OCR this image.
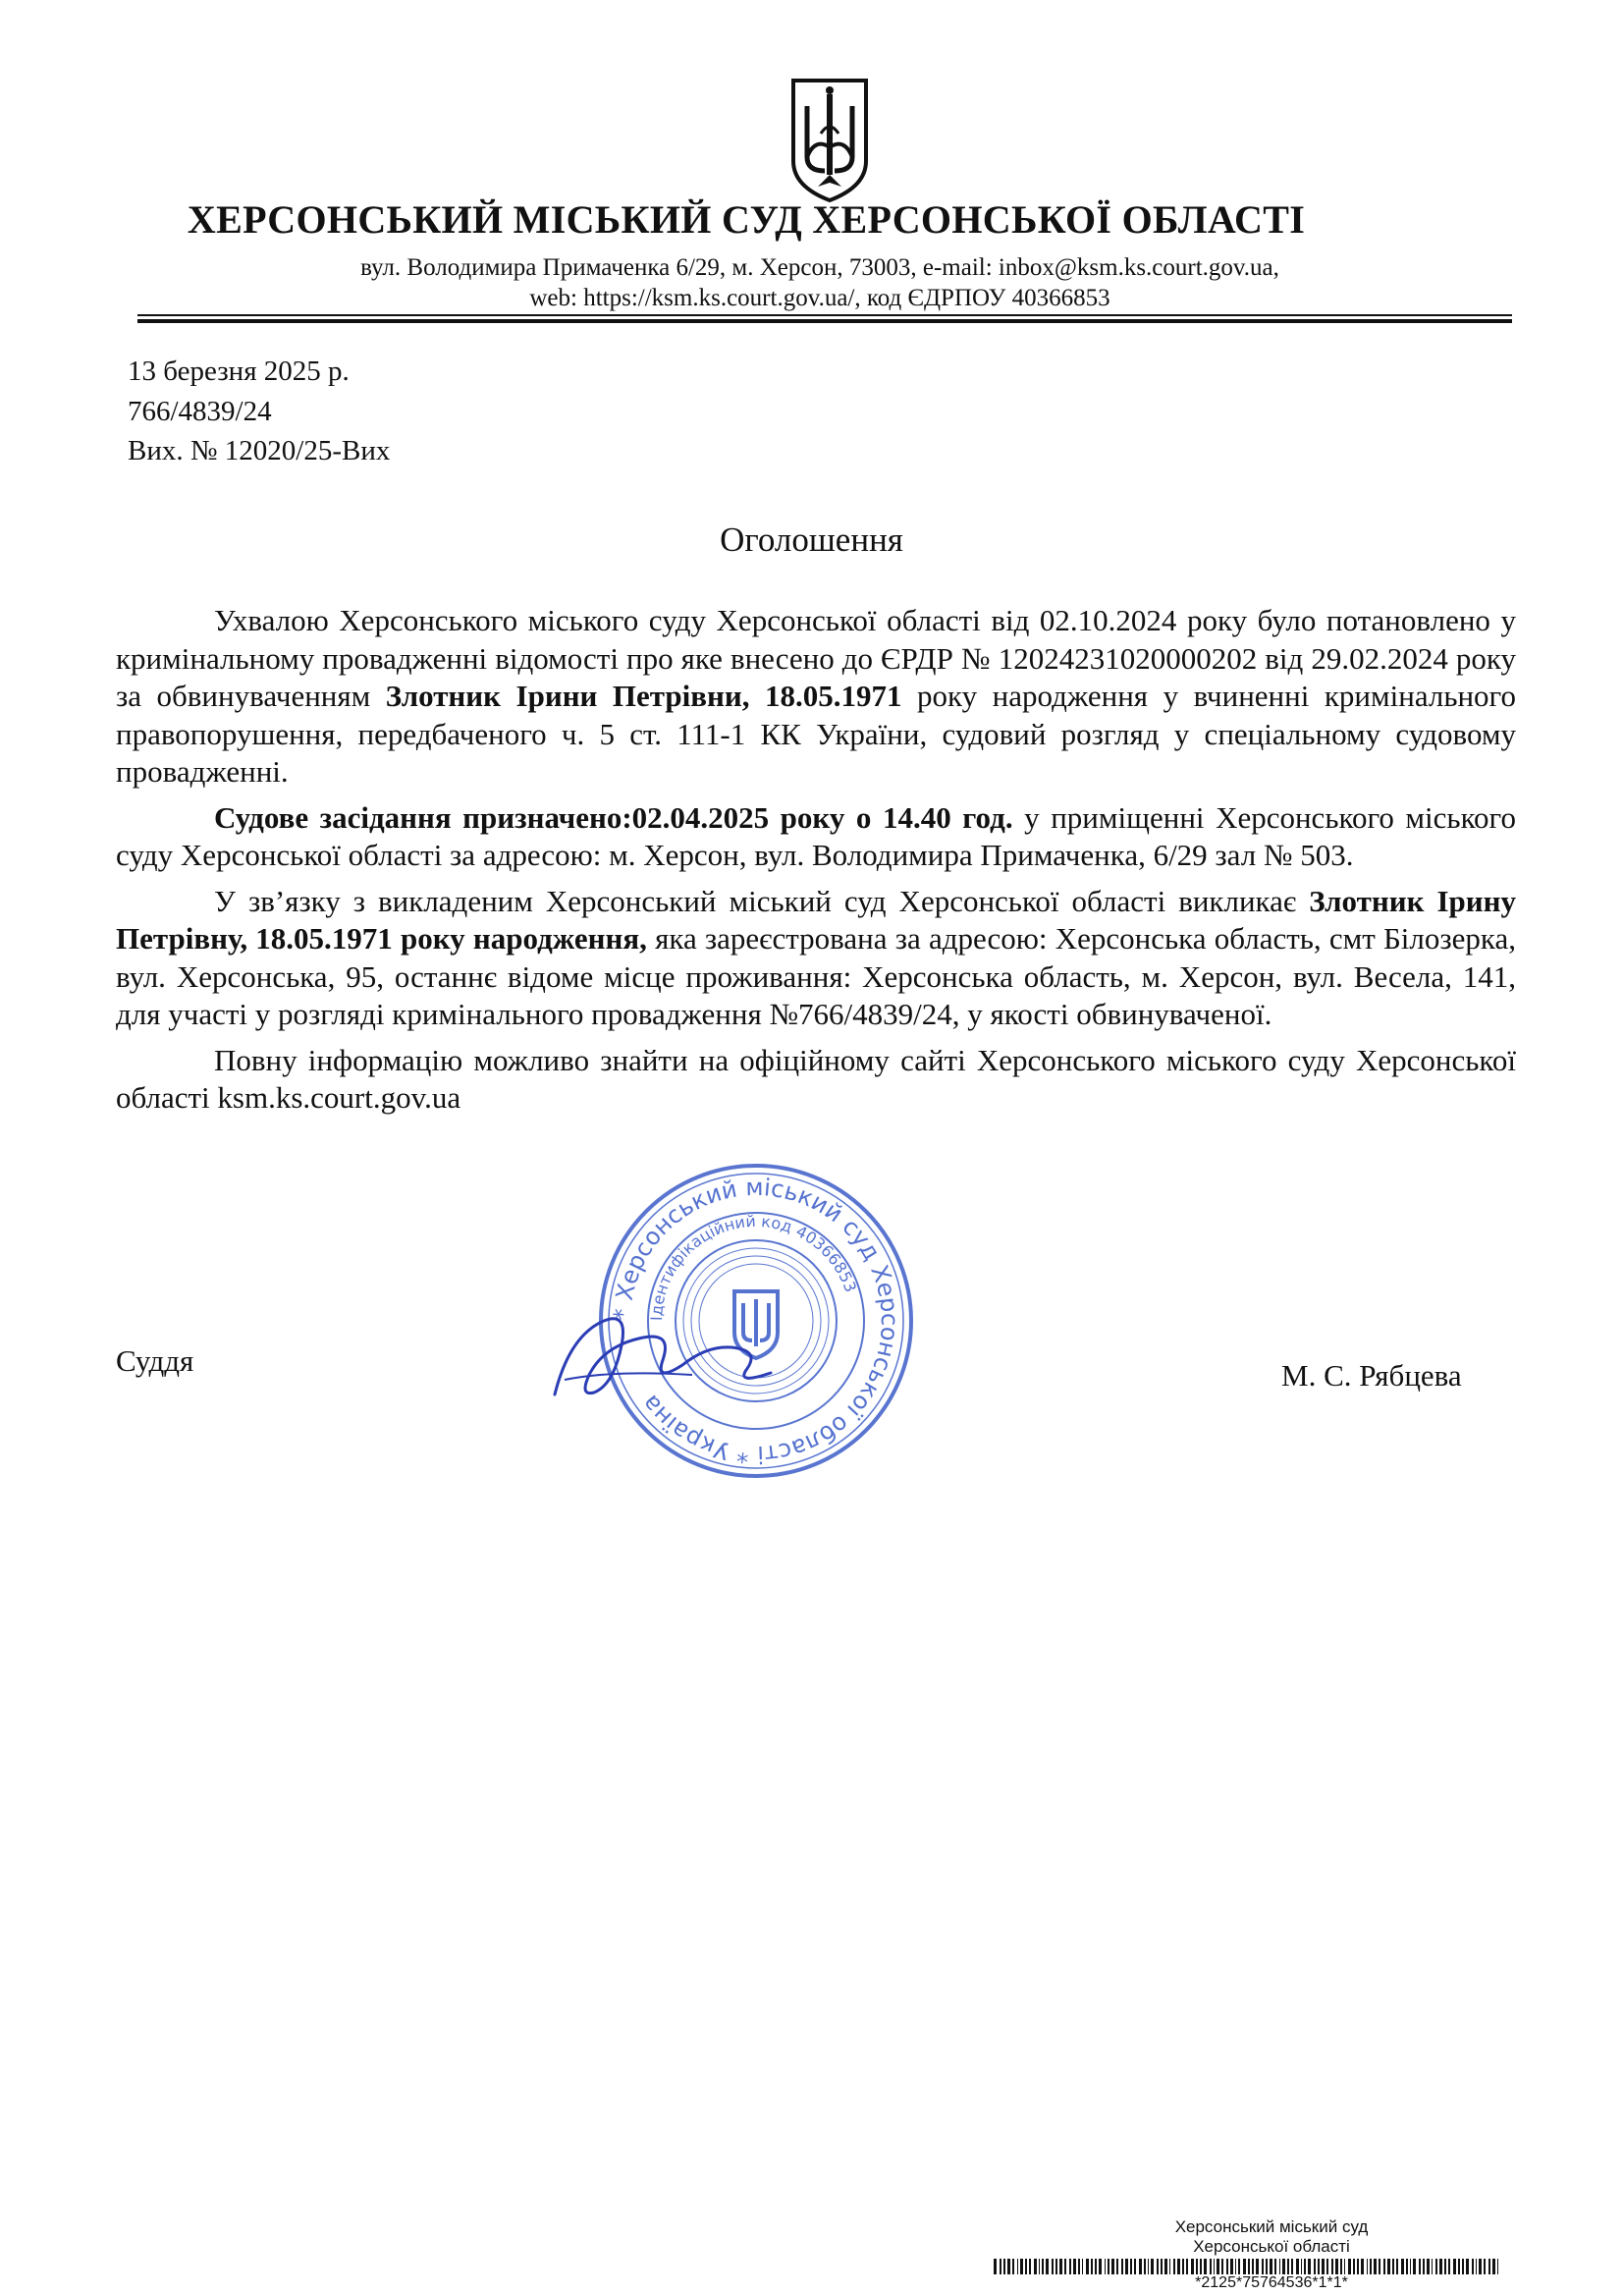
ХЕРСОНСЬКИЙ МІСЬКИЙ СУД ХЕРСОНСЬКОЇ ОБЛАСТІ
вул. Володимира Примаченка 6/29, м. Херсон, 73003, e-mail: inbox@ksm.ks.court.gov.ua,
web: https://ksm.ks.court.gov.ua/, код ЄДРПОУ 40366853
13 березня 2025 р.
766/4839/24
Вих. № 12020/25-Вих
Оголошення

Ухвалою Херсонського міського суду Херсонської області від 02.10.2024 року було потановлено у кримінальному провадженні відомості про яке внесено до ЄРДР № 12024231020000202 від 29.02.2024 року за обвинуваченням Злотник Ірини Петрівни, 18.05.1971 року народження у вчиненні кримінального правопорушення, передбаченого ч. 5 ст. 111-1 КК України, судовий розгляд у спеціальному судовому провадженні.

Судове засідання призначено:02.04.2025 року о 14.40 год. у приміщенні Херсонського міського суду Херсонської області за адресою: м. Херсон, вул. Володимира Примаченка, 6/29 зал № 503.

У зв’язку з викладеним Херсонський міський суд Херсонської області викликає Злотник Ірину Петрівну, 18.05.1971 року народження, яка зареєстрована за адресою: Херсонська область, смт Білозерка, вул. Херсонська, 95, останнє відоме місце проживання: Херсонська область, м. Херсон, вул. Весела, 141, для участі у розгляді кримінального провадження №766/4839/24, у якості обвинуваченої.

Повну інформацію можливо знайти на офіційному сайті Херсонського міського суду Херсонської області ksm.ks.court.gov.ua

* Херсонський міський суд Херсонської області * Україна
Ідентифікаційний код 40366853
Суддя	М. С. Рябцева
Херсонський міський суд
Херсонської області
*2125*75764536*1*1*
